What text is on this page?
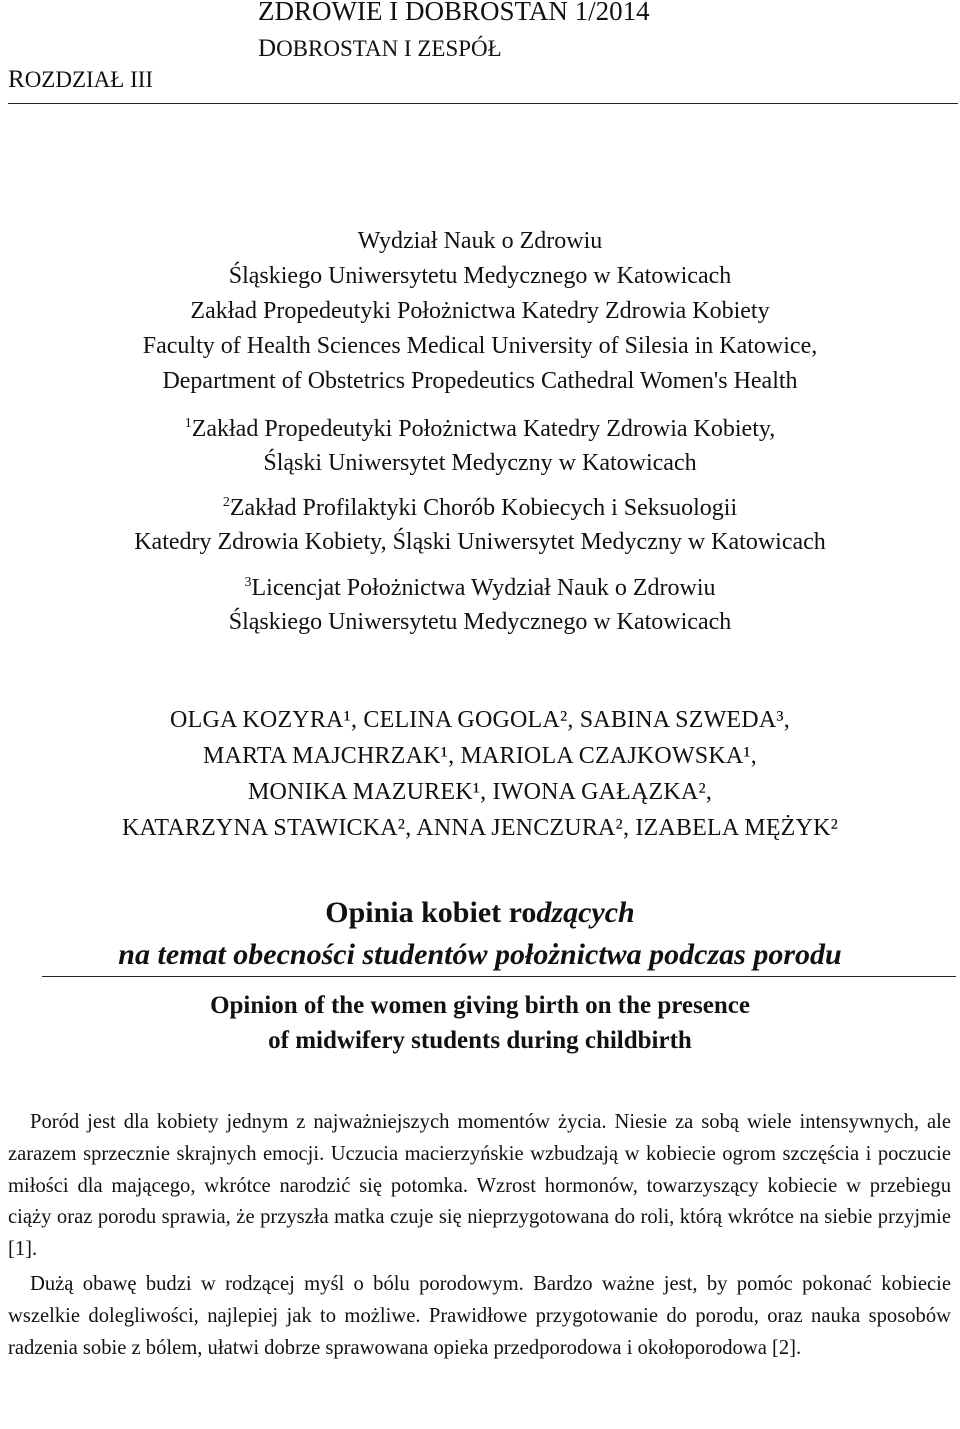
ZDROWIE I DOBROSTAN 1/2014
DOBROSTAN I ZESPÓŁ
ROZDZIAŁ III
Wydział Nauk o Zdrowiu
Śląskiego Uniwersytetu Medycznego w Katowicach
Zakład Propedeutyki Położnictwa Katedry Zdrowia Kobiety
Faculty of Health Sciences Medical University of Silesia in Katowice,
Department of Obstetrics Propedeutics Cathedral Women's Health
$^1$Zakład Propedeutyki Położnictwa Katedry Zdrowia Kobiety,
Śląski Uniwersytet Medyczny w Katowicach
$^2$Zakład Profilaktyki Chorób Kobiecych i Seksuologii
Katedry Zdrowia Kobiety, Śląski Uniwersytet Medyczny w Katowicach
$^3$Licencjat Położnictwa Wydział Nauk o Zdrowiu
Śląskiego Uniwersytetu Medycznego w Katowicach
OLGA KOZYRA¹, CELINA GOGOLA², SABINA SZWEDA³,
MARTA MAJCHRZAK¹, MARIOLA CZAJKOWSKA¹,
MONIKA MAZUREK¹, IWONA GAŁĄZKA²,
KATARZYNA STAWICKA², ANNA JENCZURA², IZABELA MĘŻYK²
Opinia kobiet rodzących
na temat obecności studentów położnictwa podczas porodu
Opinion of the women giving birth on the presence
of midwifery students during childbirth

Poród jest dla kobiety jednym z najważniejszych momentów życia. Niesie za sobą wiele intensywnych, ale zarazem sprzecznie skrajnych emocji. Uczucia macierzyńskie wzbudzają w kobiecie ogrom szczęścia i poczucie miłości dla mającego, wkrótce narodzić się potomka. Wzrost hormonów, towarzyszący kobiecie w przebiegu ciąży oraz porodu sprawia, że przyszła matka czuje się nieprzygotowana do roli, którą wkrótce na siebie przyjmie [1].

Dużą obawę budzi w rodzącej myśl o bólu porodowym. Bardzo ważne jest, by pomóc pokonać kobiecie wszelkie dolegliwości, najlepiej jak to możliwe. Prawidłowe przygotowanie do porodu, oraz nauka sposobów radzenia sobie z bólem, ułatwi dobrze sprawowana opieka przedporodowa i okołoporodowa [2].
